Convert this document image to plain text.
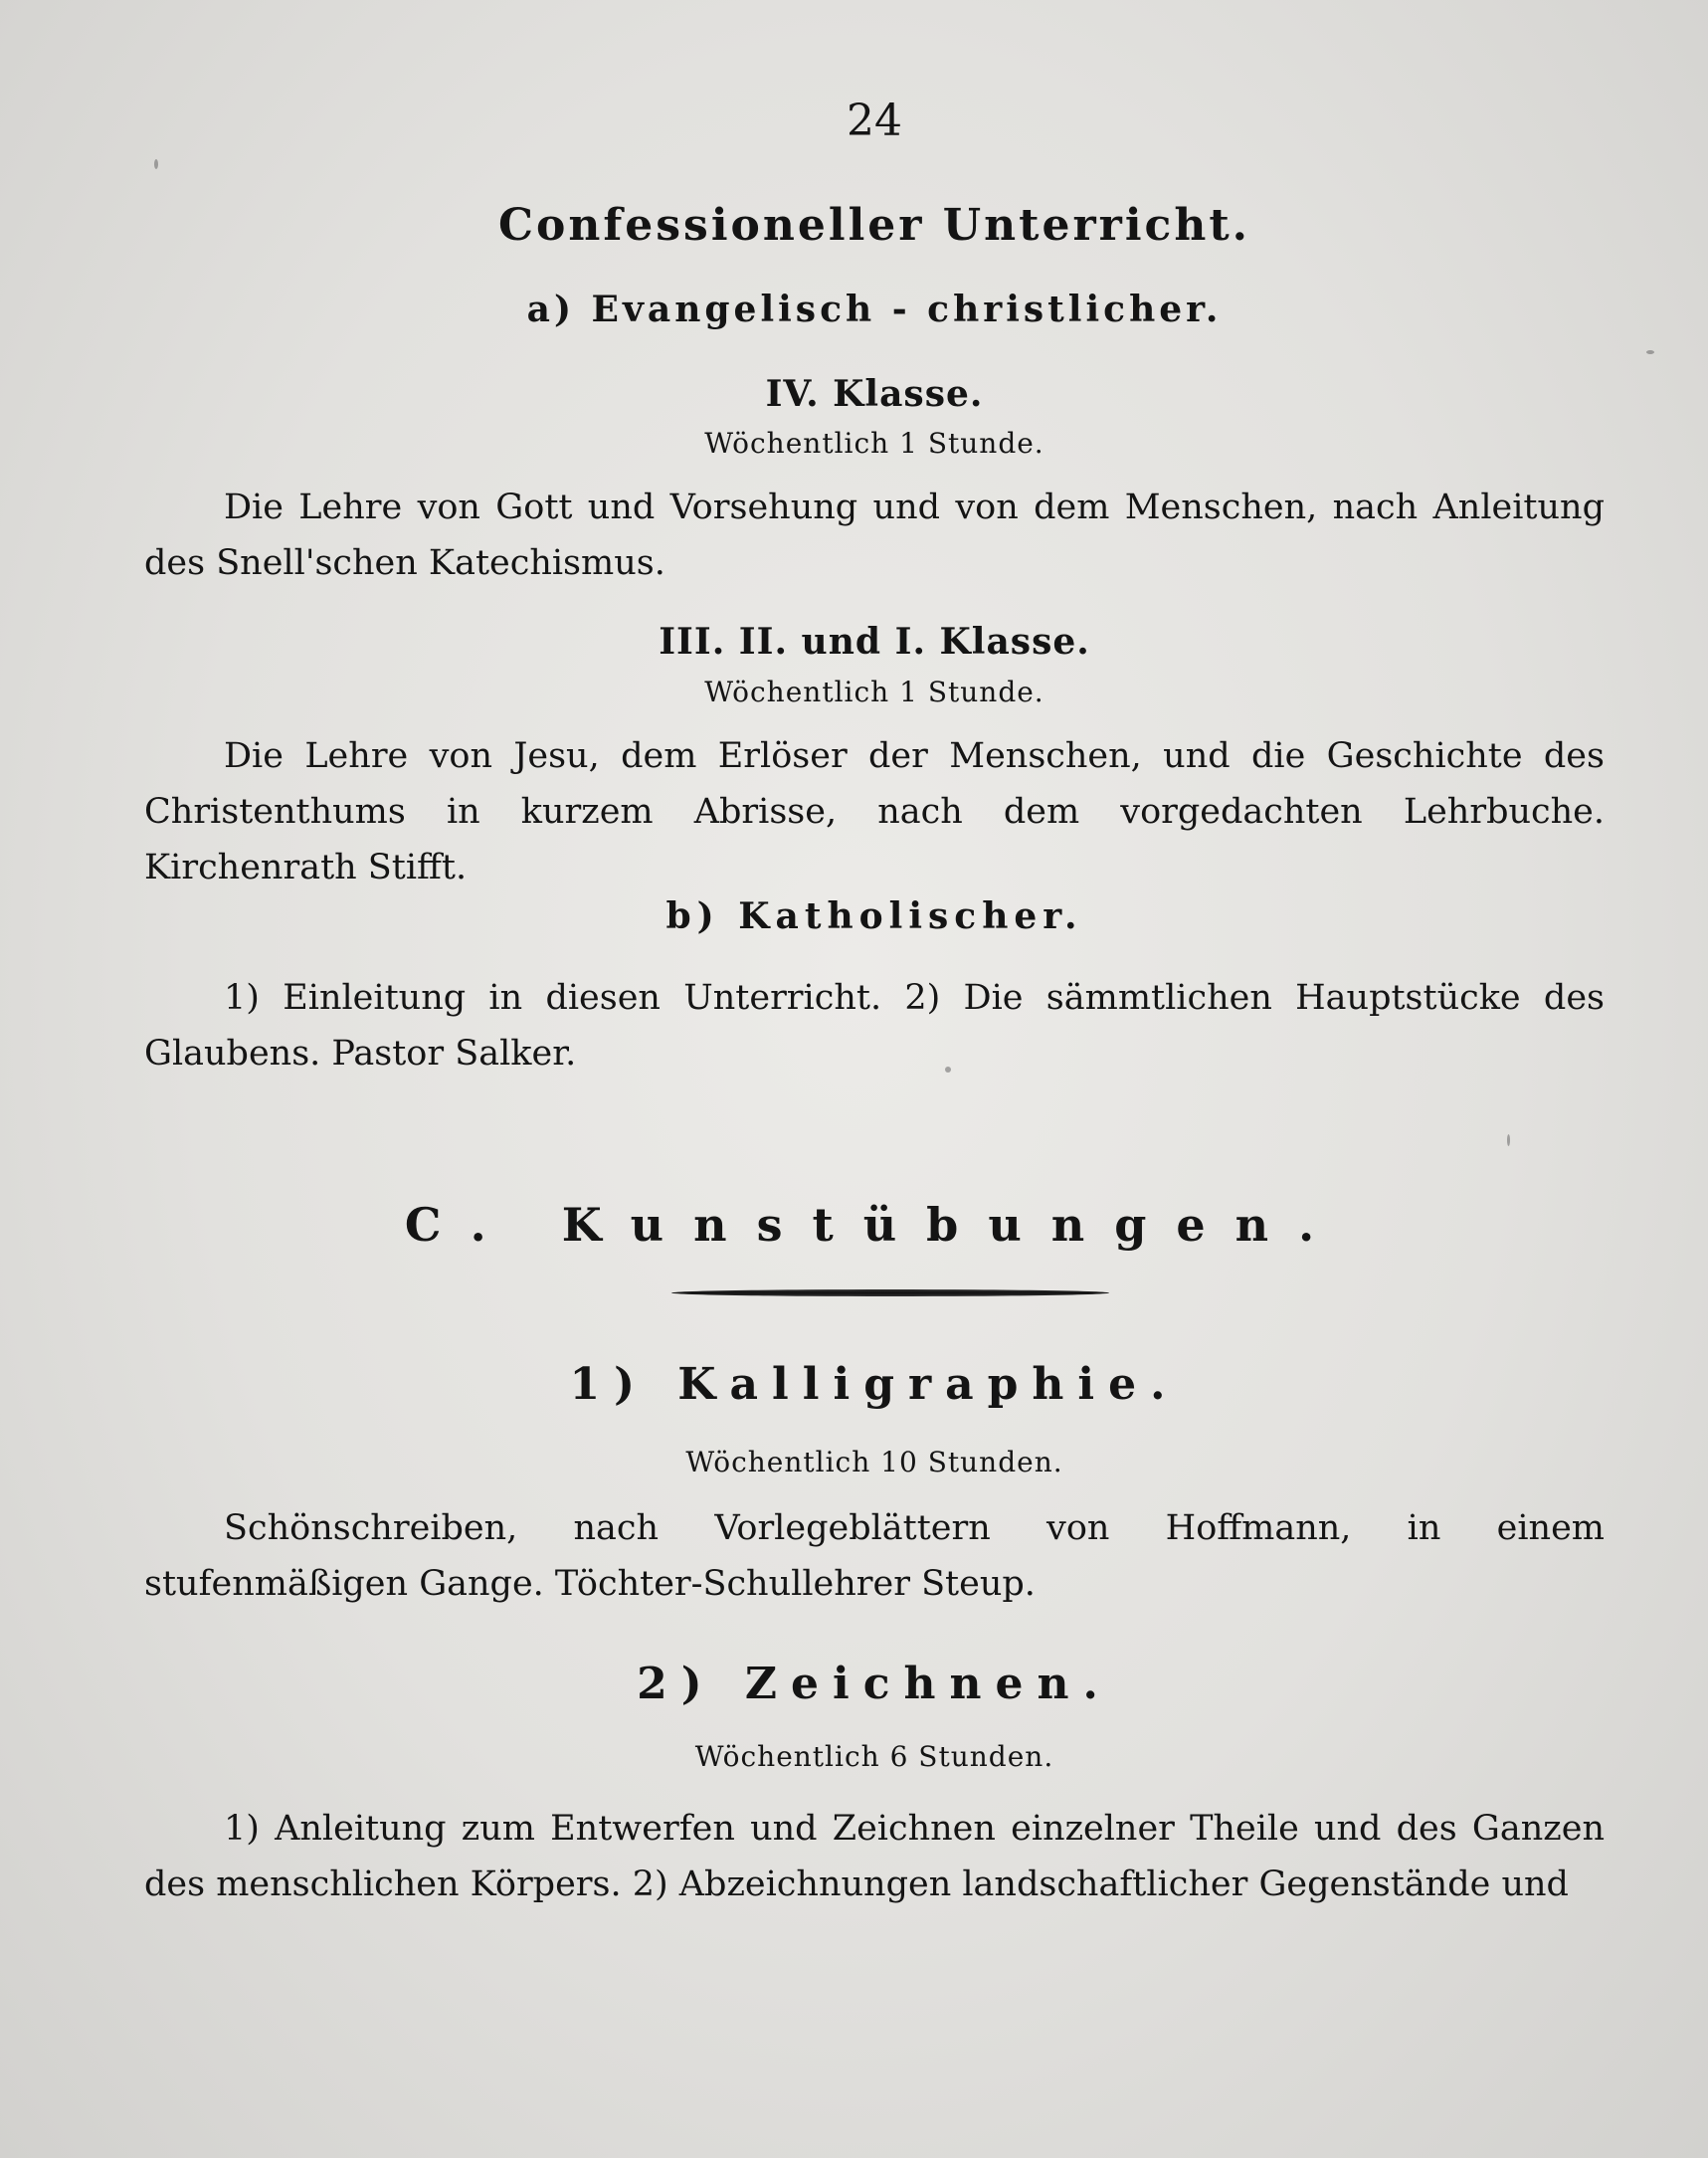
24
Confessioneller Unterricht.
a) Evangelisch - christlicher.
IV. Klasse.
Wöchentlich 1 Stunde.

Die Lehre von Gott und Vorsehung und von dem Menschen, nach Anleitung des Snell'schen Katechismus.

III. II. und I. Klasse.
Wöchentlich 1 Stunde.

Die Lehre von Jesu, dem Erlöser der Menschen, und die Geschichte des Christenthums in kurzem Abrisse, nach dem vorgedachten Lehrbuche. Kirchenrath Stifft.

b) Katholischer.

1) Einleitung in diesen Unterricht. 2) Die sämmtlichen Hauptstücke des Glaubens. Pastor Salker.

C. Kunstübungen.
1) Kalligraphie.
Wöchentlich 10 Stunden.

Schönschreiben, nach Vorlegeblättern von Hoffmann, in einem stufenmäßigen Gange. Töchter-Schullehrer Steup.

2) Zeichnen.
Wöchentlich 6 Stunden.

1) Anleitung zum Entwerfen und Zeichnen einzelner Theile und des Ganzen des menschlichen Körpers. 2) Abzeichnungen landschaftlicher Gegenstände und
